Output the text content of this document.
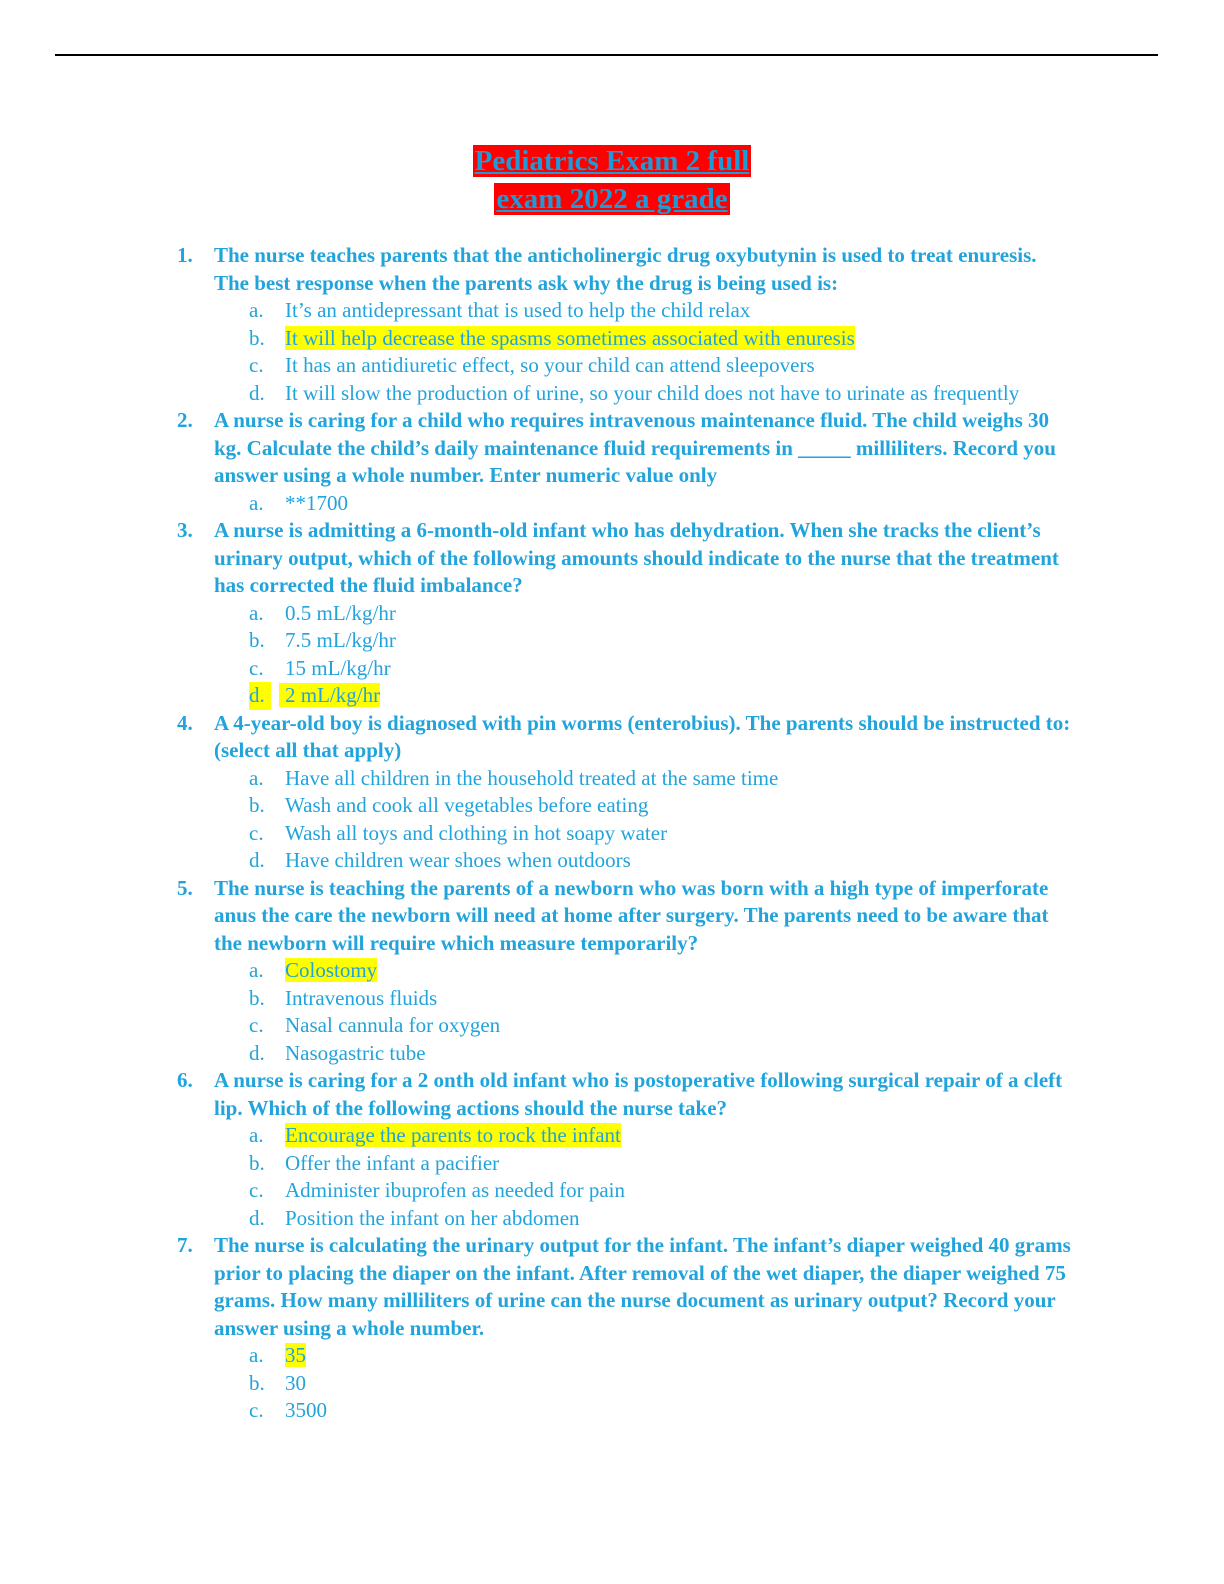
Pediatrics Exam 2 full
exam 2022 a grade
1. The nurse teaches parents that the anticholinergic drug oxybutynin is used to treat enuresis. The best response when the parents ask why the drug is being used is:
a. It’s an antidepressant that is used to help the child relax
b. It will help decrease the spasms sometimes associated with enuresis
c. It has an antidiuretic effect, so your child can attend sleepovers
d. It will slow the production of urine, so your child does not have to urinate as frequently
2. A nurse is caring for a child who requires intravenous maintenance fluid. The child weighs 30 kg. Calculate the child’s daily maintenance fluid requirements in _____ milliliters. Record you answer using a whole number. Enter numeric value only
a. **1700
3. A nurse is admitting a 6-month-old infant who has dehydration. When she tracks the client’s urinary output, which of the following amounts should indicate to the nurse that the treatment has corrected the fluid imbalance?
a. 0.5 mL/kg/hr
b. 7.5 mL/kg/hr
c. 15 mL/kg/hr
d. 2 mL/kg/hr
4. A 4-year-old boy is diagnosed with pin worms (enterobius). The parents should be instructed to: (select all that apply)
a. Have all children in the household treated at the same time
b. Wash and cook all vegetables before eating
c. Wash all toys and clothing in hot soapy water
d. Have children wear shoes when outdoors
5. The nurse is teaching the parents of a newborn who was born with a high type of imperforate anus the care the newborn will need at home after surgery. The parents need to be aware that the newborn will require which measure temporarily?
a. Colostomy
b. Intravenous fluids
c. Nasal cannula for oxygen
d. Nasogastric tube
6. A nurse is caring for a 2 onth old infant who is postoperative following surgical repair of a cleft lip. Which of the following actions should the nurse take?
a. Encourage the parents to rock the infant
b. Offer the infant a pacifier
c. Administer ibuprofen as needed for pain
d. Position the infant on her abdomen
7. The nurse is calculating the urinary output for the infant. The infant’s diaper weighed 40 grams prior to placing the diaper on the infant. After removal of the wet diaper, the diaper weighed 75 grams. How many milliliters of urine can the nurse document as urinary output? Record your answer using a whole number.
a. 35
b. 30
c. 3500
